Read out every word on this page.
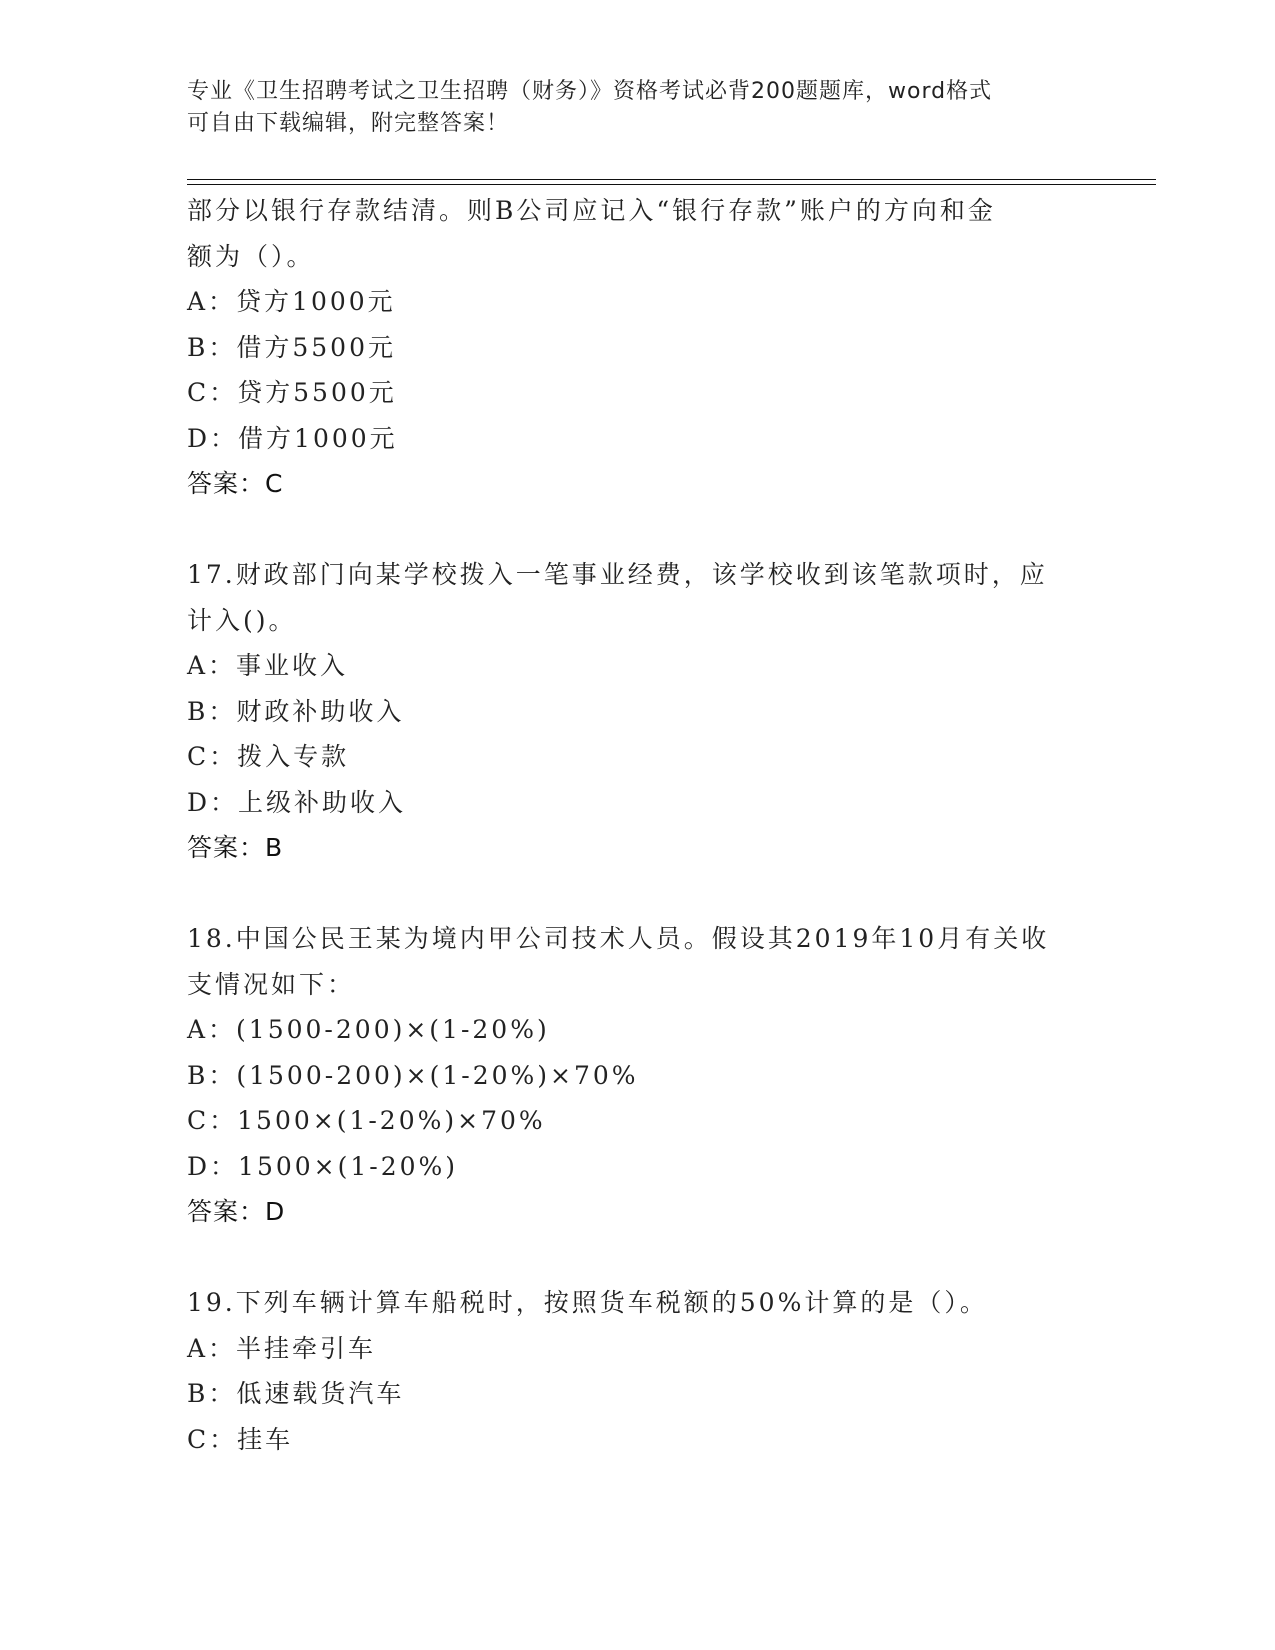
专业《卫生招聘考试之卫生招聘（财务）》资格考试必背200题题库，word格式
可自由下载编辑，附完整答案！
部分以银行存款结清。则B公司应记入“银行存款”账户的方向和金
额为（）。
A：贷方1000元
B：借方5500元
C：贷方5500元
D：借方1000元
答案：C
17.财政部门向某学校拨入一笔事业经费，该学校收到该笔款项时，应
计入()。
A：事业收入
B：财政补助收入
C：拨入专款
D：上级补助收入
答案：B
18.中国公民王某为境内甲公司技术人员。假设其2019年10月有关收
支情况如下：
A：(1500-200)×(1-20%)
B：(1500-200)×(1-20%)×70%
C：1500×(1-20%)×70%
D：1500×(1-20%)
答案：D
19.下列车辆计算车船税时，按照货车税额的50%计算的是（）。
A：半挂牵引车
B：低速载货汽车
C：挂车
